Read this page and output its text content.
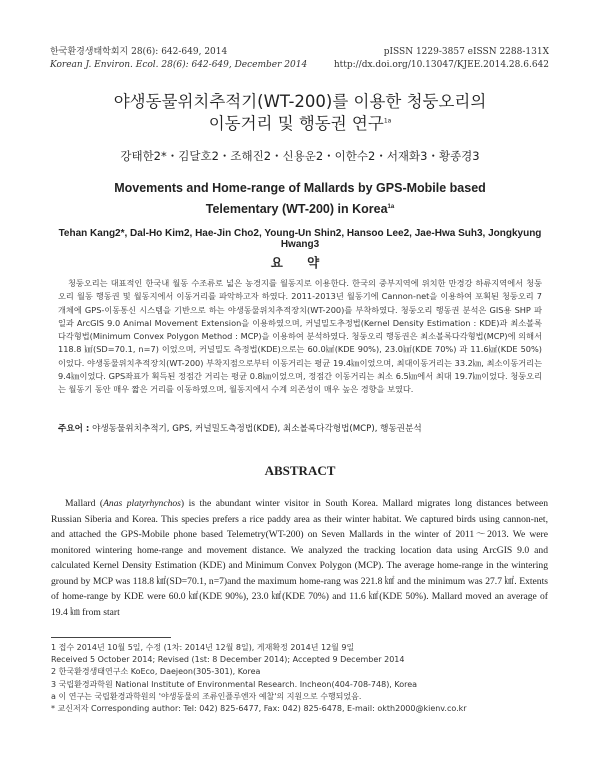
한국환경생태학회지 28(6): 642-649, 2014
Korean J. Environ. Ecol. 28(6): 642-649, December 2014
pISSN 1229-3857 eISSN 2288-131X
http://dx.doi.org/10.13047/KJEE.2014.28.6.642
야생동물위치추적기(WT-200)를 이용한 청둥오리의
이동거리 및 행동권 연구$^{1a}$
강태한2*・김달호2・조해진2・신용운2・이한수2・서재화3・황종경3
Movements and Home-range of Mallards by GPS-Mobile based
Telementary (WT-200) in Korea$^{1a}$
Tehan Kang2*, Dal-Ho Kim2, Hae-Jin Cho2, Young-Un Shin2, Hansoo Lee2, Jae-Hwa Suh3, Jongkyung Hwang3
요 약
청둥오리는 대표적인 한국내 월동 수조류로 넓은 농경지를 월동지로 이용한다. 한국의 중부지역에 위치한 만경강 하류지역에서 청둥오리 월동 행동권 및 월동지에서 이동거리를 파악하고자 하였다. 2011-2013년 월동기에 Cannon-net을 이용하여 포획된 청둥오리 7개체에 GPS-이동통신 시스템을 기반으로 하는 야생동물위치추적장치(WT-200)를 부착하였다. 청둥오리 행동권 분석은 GIS용 SHP 파일과 ArcGIS 9.0 Animal Movement Extension을 이용하였으며, 커널밀도추정법(Kernel Density Estimation : KDE)과 최소볼록다각형법(Minimum Convex Polygon Method : MCP)을 이용하여 분석하였다. 청둥오리 행동권은 최소볼록다각형법(MCP)에 의해서 118.8 ㎢(SD=70.1, n=7) 이었으며, 커널밀도 측정법(KDE)으로는 60.0㎢(KDE 90%), 23.0㎢(KDE 70%) 과 11.6㎢(KDE 50%)이었다. 야생동물위치추적장치(WT-200) 부착지점으로부터 이동거리는 평균 19.4㎞이었으며, 최대이동거리는 33.2㎞, 최소이동거리는 9.4㎞이었다. GPS좌표가 획득된 정점간 거리는 평균 0.8㎞이었으며, 정점간 이동거리는 최소 6.5㎞에서 최대 19.7㎞이었다. 청둥오리는 월동기 동안 매우 짧은 거리를 이동하였으며, 월동지에서 수계 의존성이 매우 높은 경향을 보였다.
주요어 : 야생동물위치추적기, GPS, 커널밀도측정법(KDE), 최소볼록다각형법(MCP), 행동권분석
ABSTRACT
Mallard (Anas platyrhynchos) is the abundant winter visitor in South Korea. Mallard migrates long distances between Russian Siberia and Korea. This species prefers a rice paddy area as their winter habitat. We captured birds using cannon-net, and attached the GPS-Mobile phone based Telemetry(WT-200) on Seven Mallards in the winter of 2011～2013. We were monitored wintering home-range and movement distance. We analyzed the tracking location data using ArcGIS 9.0 and calculated Kernel Density Estimation (KDE) and Minimum Convex Polygon (MCP). The average home-range in the wintering ground by MCP was 118.8 ㎢(SD=70.1, n=7)and the maximum home-rang was 221.8 ㎢ and the minimum was 27.7 ㎢. Extents of home-range by KDE were 60.0 ㎢(KDE 90%), 23.0 ㎢(KDE 70%) and 11.6 ㎢(KDE 50%). Mallard moved an average of 19.4 ㎞ from start
1 접수 2014년 10월 5일, 수정 (1차: 2014년 12월 8일), 게재확정 2014년 12월 9일
Received 5 October 2014; Revised (1st: 8 December 2014); Accepted 9 December 2014
2 한국환경생태연구소 KoEco, Daejeon(305-301), Korea
3 국립환경과학원 National Institute of Environmental Research. Incheon(404-708-748), Korea
a 이 연구는 국립환경과학원의 '야생동물의 조류인플루엔자 예찰'의 지원으로 수행되었음.
* 교신저자 Corresponding author: Tel: 042) 825-6477, Fax: 042) 825-6478, E-mail: okth2000@kienv.co.kr
